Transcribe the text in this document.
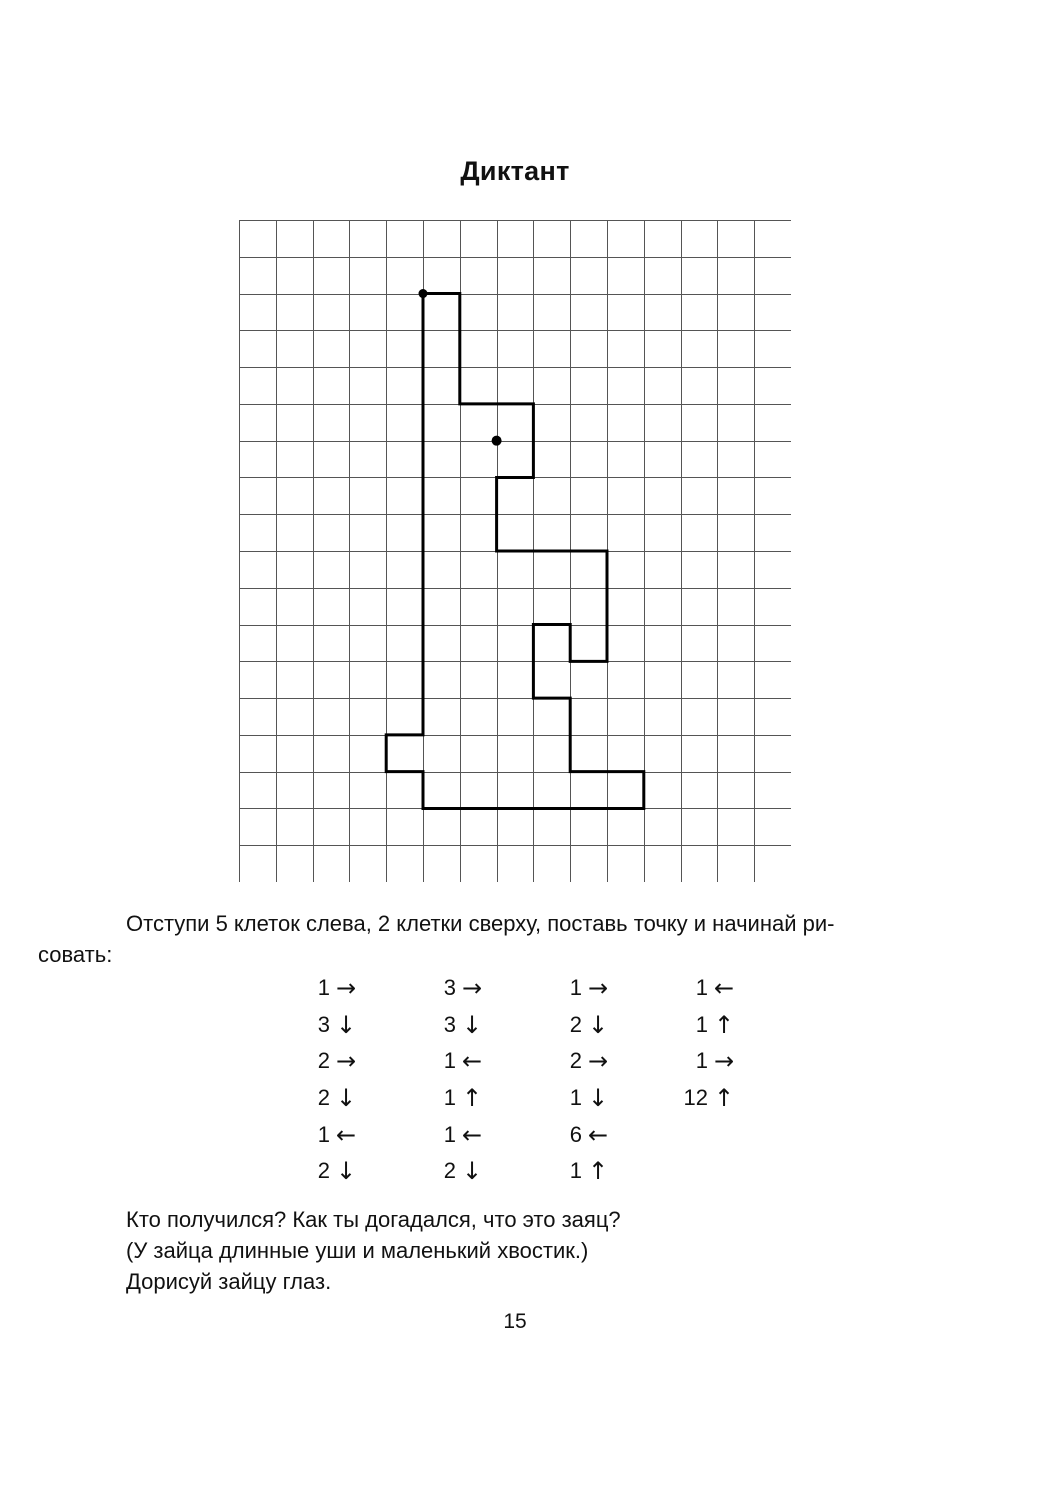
Диктант
Отступи 5 клеток слева, 2 клетки сверху, поставь точку и начинай ри-
совать:
1 →
3 ↓
2 →
2 ↓
1 ←
2 ↓
3 →
3 ↓
1 ←
1 ↑
1 ←
2 ↓
1 →
2 ↓
2 →
1 ↓
6 ←
1 ↑
1 ←
1 ↑
1 →
12 ↑
Кто получился? Как ты догадался, что это заяц?
(У зайца длинные уши и маленький хвостик.)
Дорисуй зайцу глаз.
15
